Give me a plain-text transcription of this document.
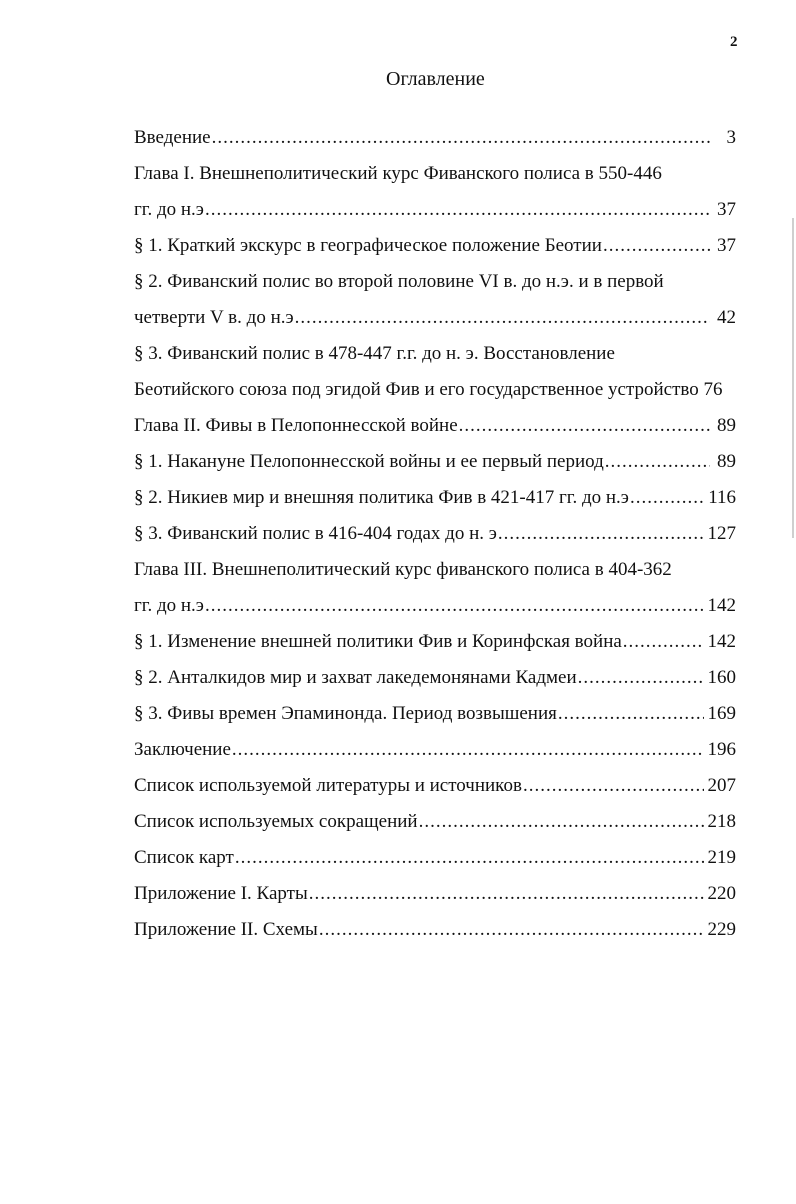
2
Оглавление
Введение .....	3
Глава I. Внешнеполитический курс Фиванского полиса в 550-446
гг. до н.э .....	37
§ 1. Краткий экскурс в географическое положение Беотии .....	37
§ 2. Фиванский полис во второй половине VI в. до н.э. и в первой
четверти V в. до н.э .....	42
§ 3. Фиванский полис в 478-447 г.г. до н. э. Восстановление
Беотийского союза под эгидой Фив и его государственное устройство 76
Глава II. Фивы в Пелопоннесской войне .....	89
§ 1. Накануне Пелопоннесской войны и ее первый период .....	89
§ 2. Никиев мир и внешняя политика Фив в 421-417 гг. до н.э .....	116
§ 3. Фиванский полис в 416-404 годах до н. э .....	127
Глава III. Внешнеполитический курс фиванского полиса в 404-362
гг. до н.э .....	142
§ 1. Изменение внешней политики Фив и Коринфская война .....	142
§ 2. Анталкидов мир и захват лакедемонянами Кадмеи .....	160
§ 3. Фивы времен Эпаминонда. Период возвышения .....	169
Заключение .....	196
Список используемой литературы и источников .....	207
Список используемых сокращений .....	218
Список карт .....	219
Приложение I. Карты .....	220
Приложение II. Схемы .....	229
